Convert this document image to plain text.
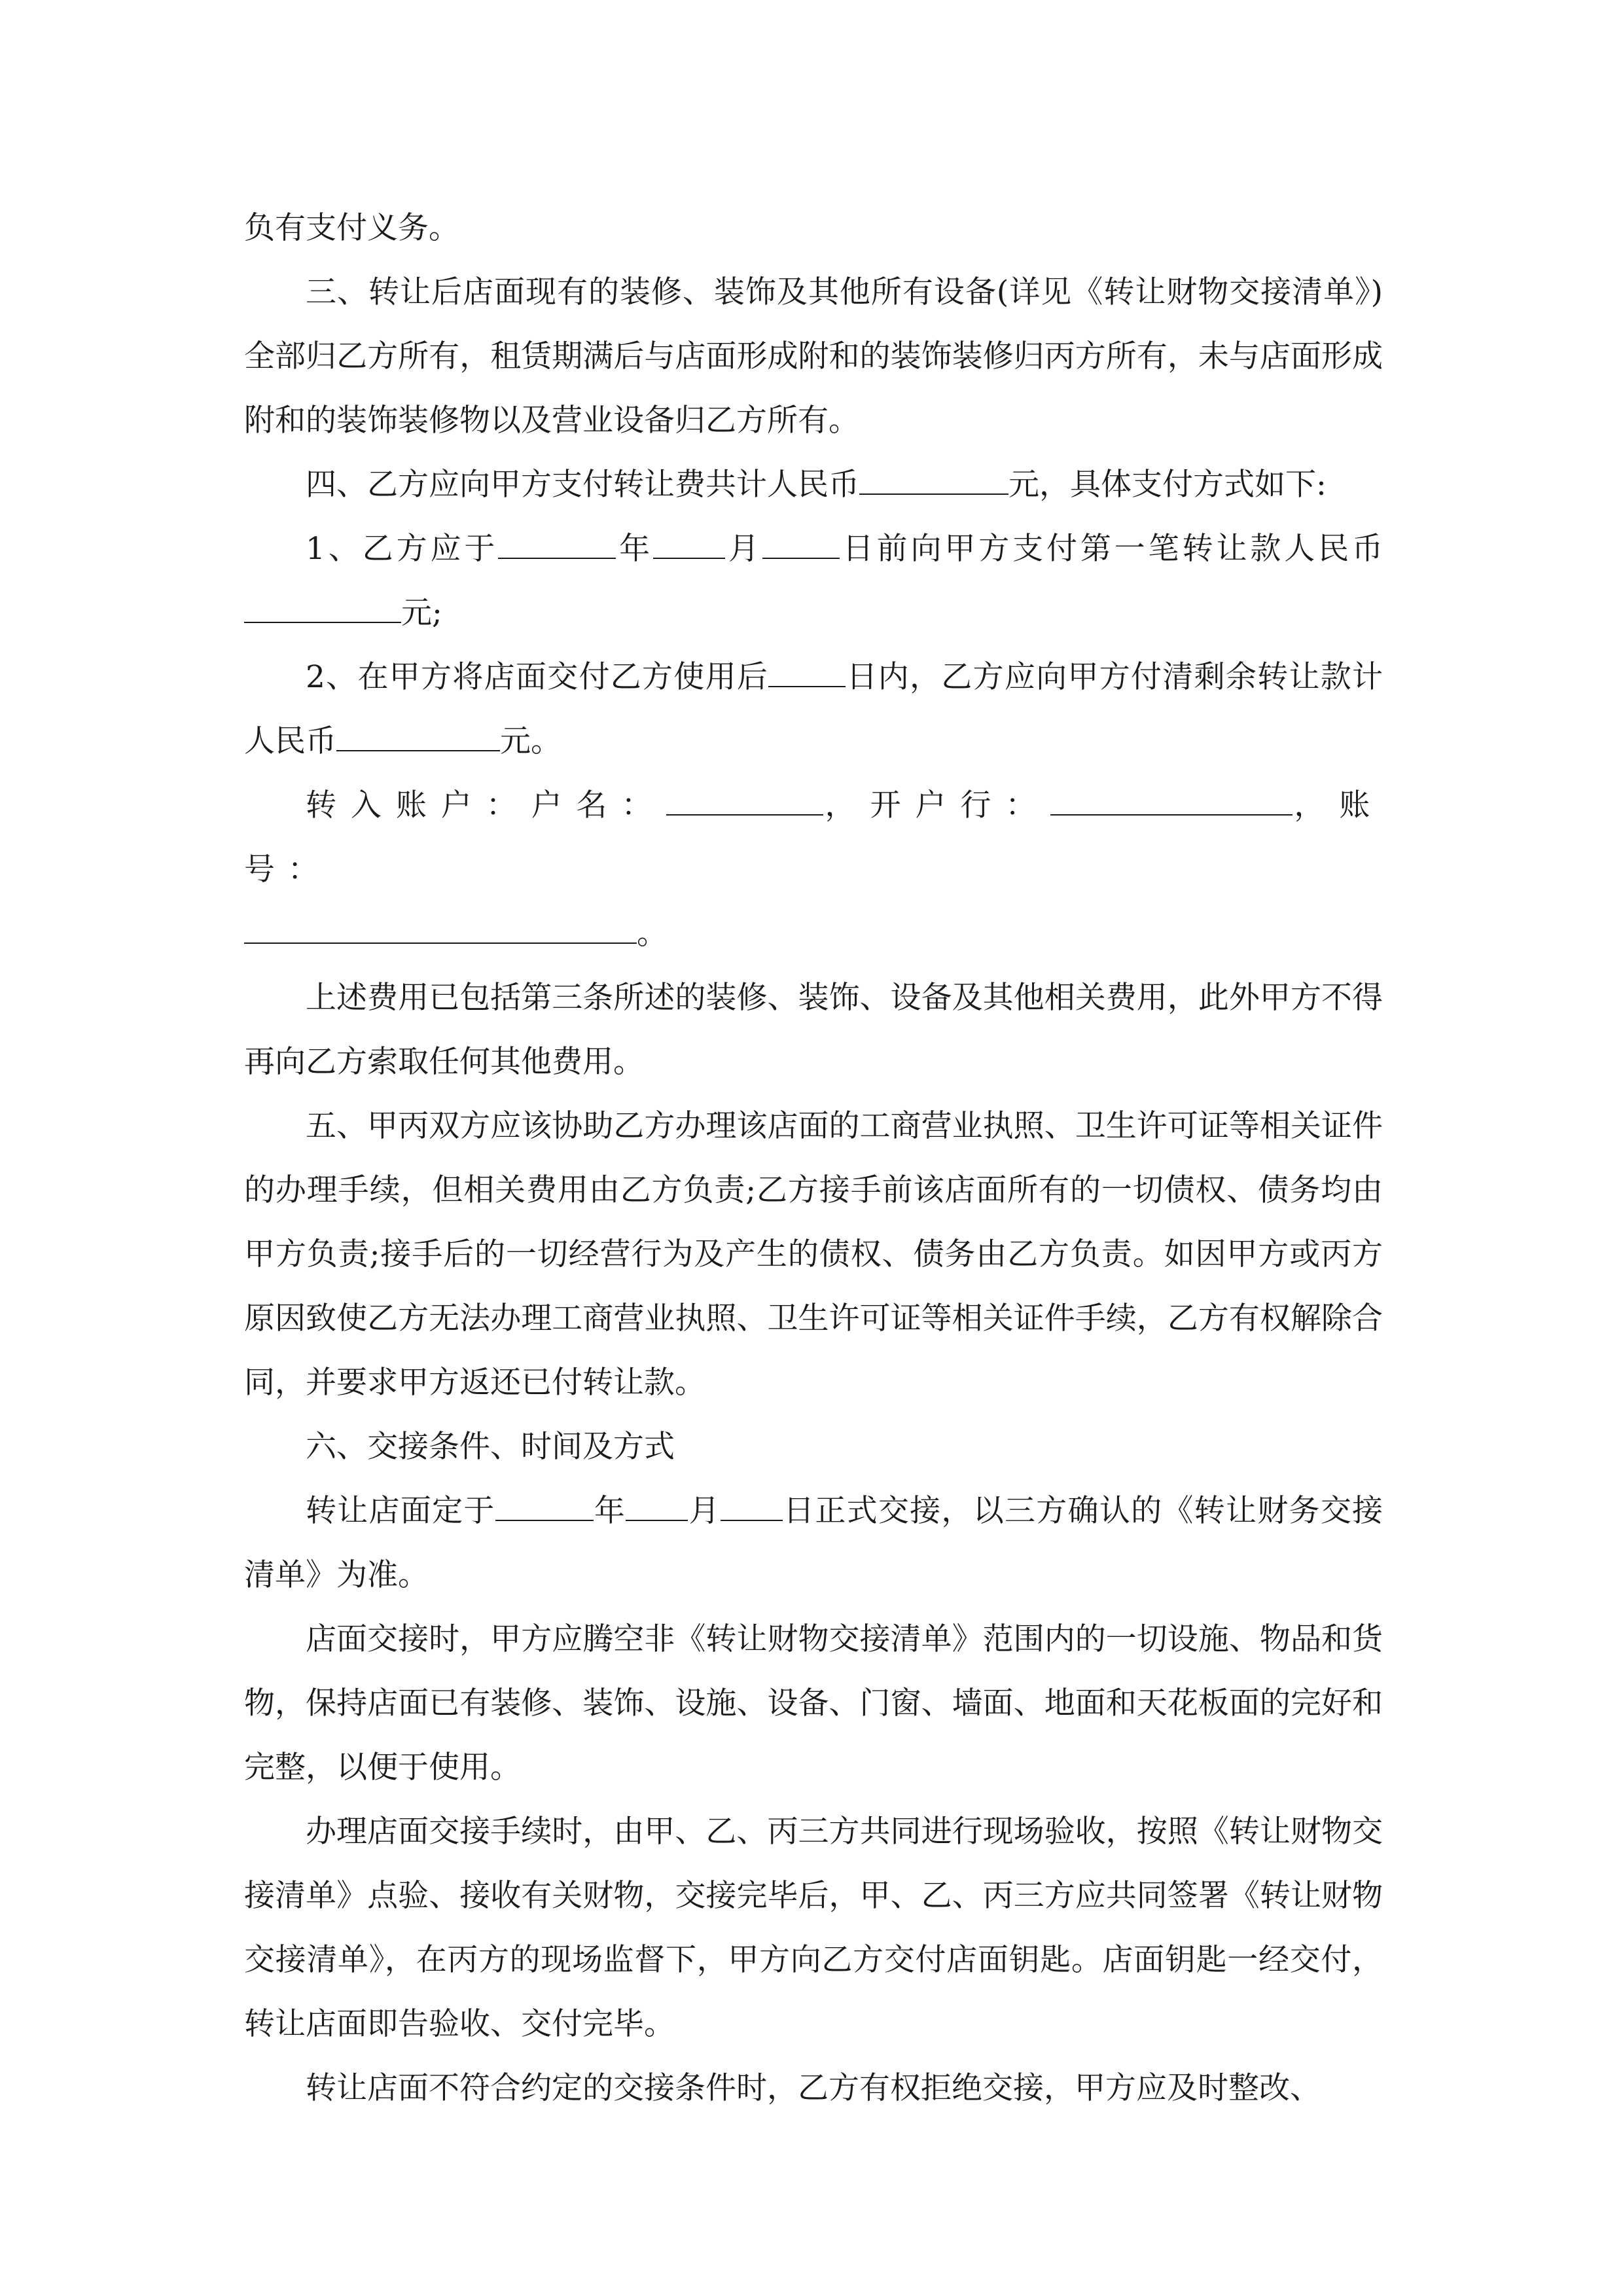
负有支付义务。

三、转让后店面现有的装修、装饰及其他所有设备(详见《转让财物交接清单》)全部归乙方所有，租赁期满后与店面形成附和的装饰装修归丙方所有，未与店面形成附和的装饰装修物以及营业设备归乙方所有。

四、乙方应向甲方支付转让费共计人民币	元，具体支付方式如下:

1、乙方应于	年 月	日前向甲方支付第一笔转让款人民币元;

2、在甲方将店面交付乙方使用后	日内，乙方应向甲方付清剩余转让款计人民币	元。

转入账户：户名：	，开户行：	，账号：
。

上述费用已包括第三条所述的装修、装饰、设备及其他相关费用，此外甲方不得再向乙方索取任何其他费用。

五、甲丙双方应该协助乙方办理该店面的工商营业执照、卫生许可证等相关证件的办理手续，但相关费用由乙方负责;乙方接手前该店面所有的一切债权、债务均由甲方负责;接手后的一切经营行为及产生的债权、债务由乙方负责。如因甲方或丙方原因致使乙方无法办理工商营业执照、卫生许可证等相关证件手续，乙方有权解除合同，并要求甲方返还已付转让款。

六、交接条件、时间及方式

转让店面定于	年 月 日正式交接，以三方确认的《转让财务交接清单》为准。

店面交接时，甲方应腾空非《转让财物交接清单》范围内的一切设施、物品和货物，保持店面已有装修、装饰、设施、设备、门窗、墙面、地面和天花板面的完好和完整，以便于使用。

办理店面交接手续时，由甲、乙、丙三方共同进行现场验收，按照《转让财物交接清单》点验、接收有关财物，交接完毕后，甲、乙、丙三方应共同签署《转让财物交接清单》，在丙方的现场监督下，甲方向乙方交付店面钥匙。店面钥匙一经交付，转让店面即告验收、交付完毕。

转让店面不符合约定的交接条件时，乙方有权拒绝交接，甲方应及时整改、
